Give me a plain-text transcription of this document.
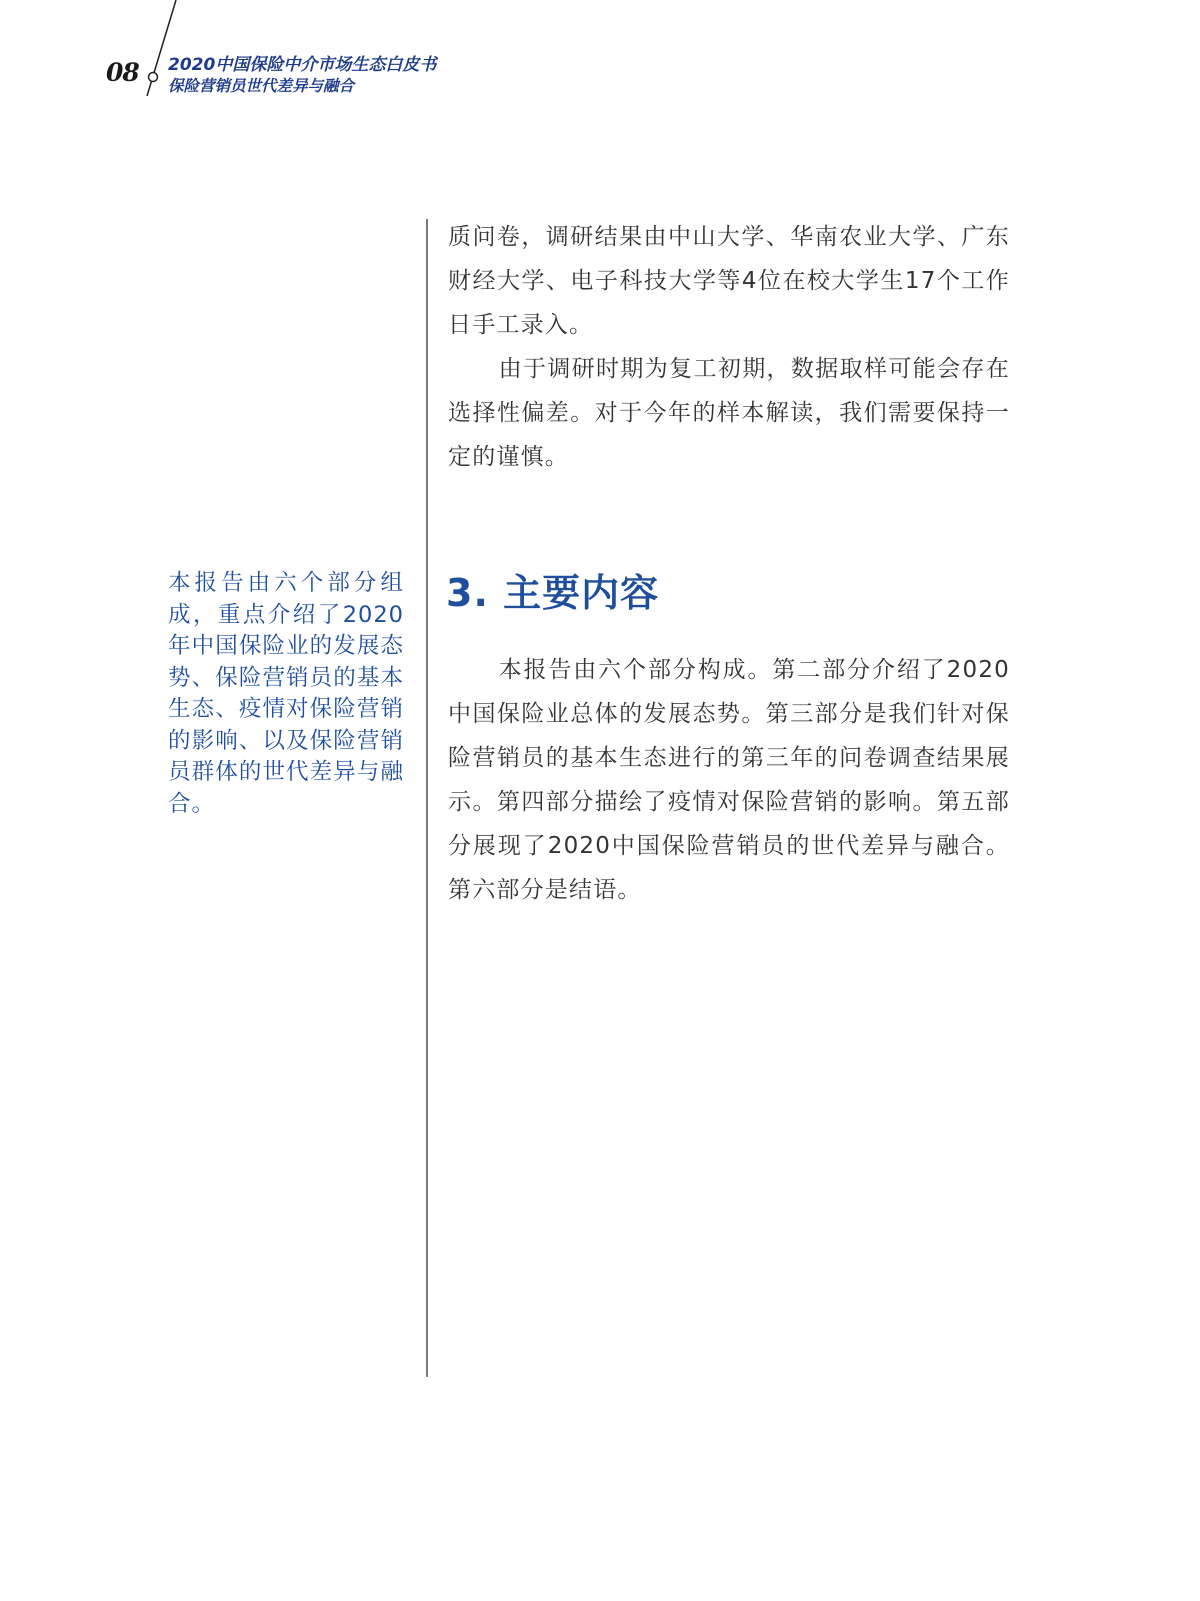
08 2020中国保险中介市场生态白皮书
保险营销员世代差异与融合

质问卷，调研结果由中山大学、华南农业大学、广东财经大学、电子科技大学等4位在校大学生17个工作日手工录入。

由于调研时期为复工初期，数据取样可能会存在选择性偏差。对于今年的样本解读，我们需要保持一定的谨慎。

3. 主要内容

本报告由六个部分构成。第二部分介绍了2020中国保险业总体的发展态势。第三部分是我们针对保险营销员的基本生态进行的第三年的问卷调查结果展示。第四部分描绘了疫情对保险营销的影响。第五部分展现了2020中国保险营销员的世代差异与融合。第六部分是结语。

本报告由六个部分组成，重点介绍了2020年中国保险业的发展态势、保险营销员的基本生态、疫情对保险营销的影响、以及保险营销员群体的世代差异与融合。
